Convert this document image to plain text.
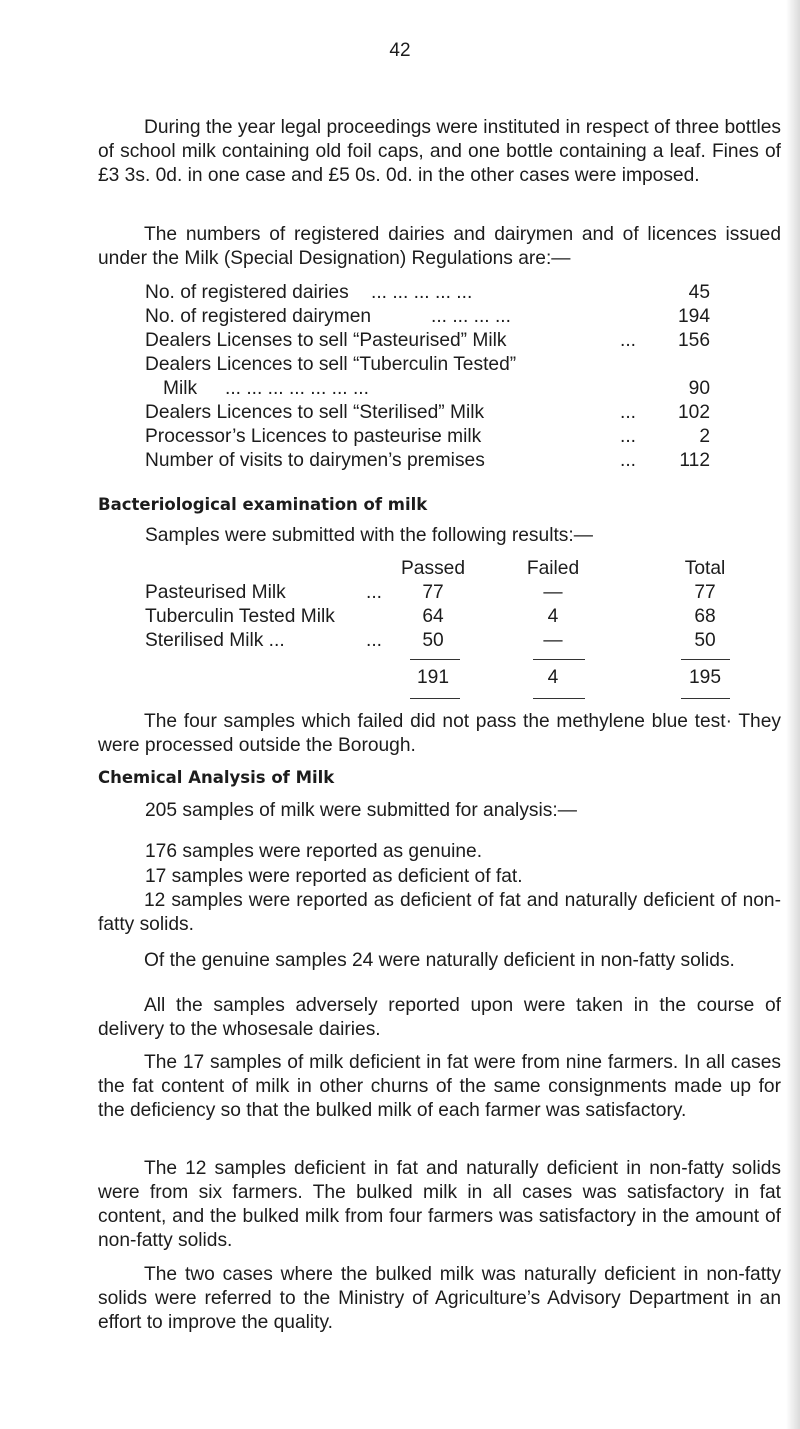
42

During the year legal proceedings were instituted in respect of three bottles of school milk containing old foil caps, and one bottle containing a leaf. Fines of £3 3s. 0d. in one case and £5 0s. 0d. in the other cases were imposed.

The numbers of registered dairies and dairymen and of licences issued under the Milk (Special Designation) Regulations are:—

No. of registered dairies ... ... ... ... ...	45
No. of registered dairymen	... ... ... ...	194
Dealers Licenses to sell “Pasteurised” Milk	... 156
Dealers Licences to sell “Tuberculin Tested”
Milk ... ... ... ... ... ... ...	90
Dealers Licences to sell “Sterilised” Milk	... 102
Processor’s Licences to pasteurise milk	...	2
Number of visits to dairymen’s premises	... 112

Bacteriological examination of milk

Samples were submitted with the following results:—

Passed	Failed	Total
Pasteurised Milk	...	77	—	77
Tuberculin Tested Milk	64	4	68
Sterilised Milk ...	...	50	—	50
191	4	195

The four samples which failed did not pass the methylene blue test· They were processed outside the Borough.

Chemical Analysis of Milk

205 samples of milk were submitted for analysis:—

176 samples were reported as genuine.

17 samples were reported as deficient of fat.

12 samples were reported as deficient of fat and naturally deficient of non-fatty solids.

Of the genuine samples 24 were naturally deficient in non-fatty solids.

All the samples adversely reported upon were taken in the course of delivery to the whosesale dairies.

The 17 samples of milk deficient in fat were from nine farmers. In all cases the fat content of milk in other churns of the same consignments made up for the deficiency so that the bulked milk of each farmer was satisfactory.

The 12 samples deficient in fat and naturally deficient in non-fatty solids were from six farmers. The bulked milk in all cases was satisfactory in fat content, and the bulked milk from four farmers was satisfactory in the amount of non-fatty solids.

The two cases where the bulked milk was naturally deficient in non-fatty solids were referred to the Ministry of Agriculture’s Advisory Department in an effort to improve the quality.
